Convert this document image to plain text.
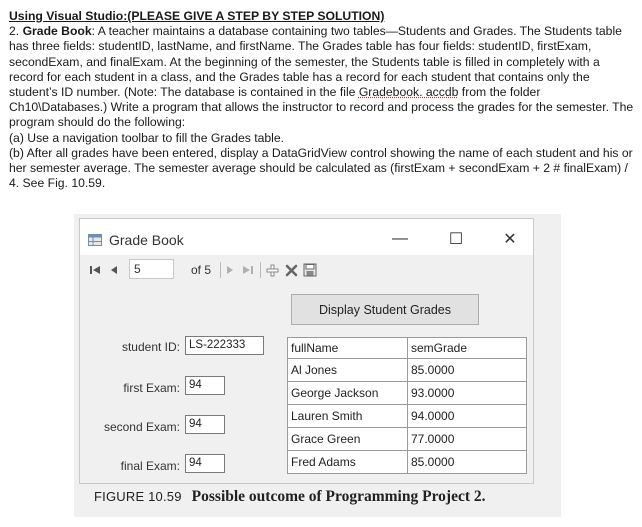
Using Visual Studio:(PLEASE GIVE A STEP BY STEP SOLUTION)

2. Grade Book: A teacher maintains a database containing two tables—Students and Grades. The Students table has three fields: studentID, lastName, and firstName. The Grades table has four fields: studentID, firstExam, secondExam, and finalExam. At the beginning of the semester, the Students table is filled in completely with a record for each student in a class, and the Grades table has a record for each student that contains only the student’s ID number. (Note: The database is contained in the file Gradebook. accdb from the folder Ch10\Databases.) Write a program that allows the instructor to record and process the grades for the semester. The program should do the following:

(a) Use a navigation toolbar to fill the Grades table.

(b) After all grades have been entered, display a DataGridView control showing the name of each student and his or her semester average. The semester average should be calculated as (firstExam + secondExam + 2 # finalExam) / 4. See Fig. 10.59.

Grade Book	—	☐	✕
5	of 5
Display Student Grades
student ID: LS-222333
first Exam: 94
second Exam: 94
final Exam: 94
fullName	semGrade
Al Jones	85.0000
George Jackson	93.0000
Lauren Smith	94.0000
Grace Green	77.0000
Fred Adams	85.0000
FIGURE 10.59 Possible outcome of Programming Project 2.
